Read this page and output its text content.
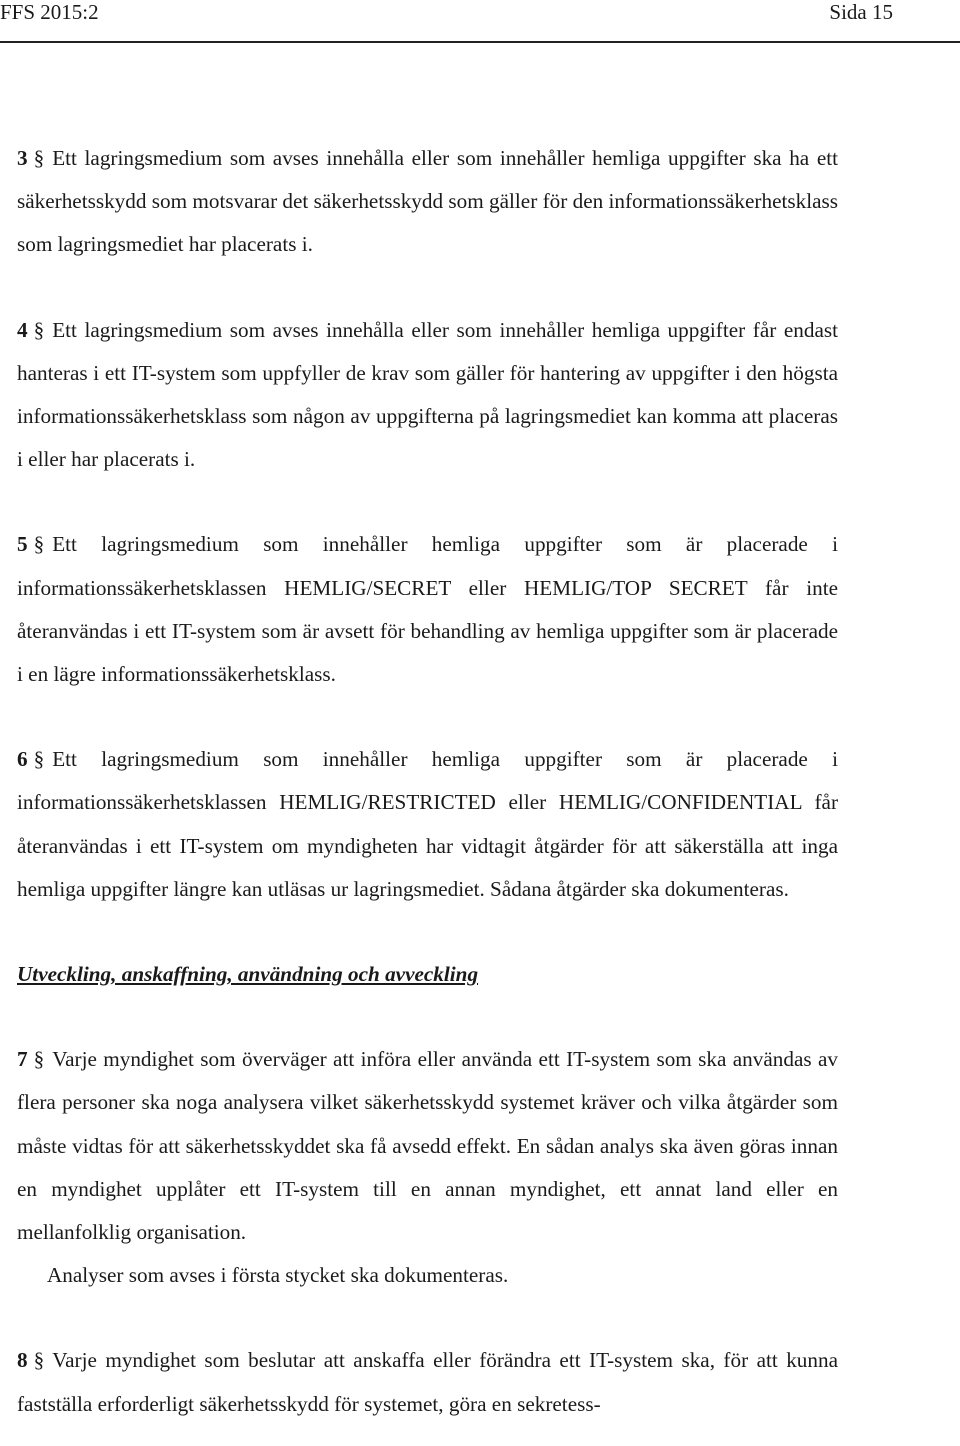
FFS 2015:2	Sida 15

3 § Ett lagringsmedium som avses innehålla eller som innehåller hemliga uppgifter ska ha ett säkerhetsskydd som motsvarar det säkerhetsskydd som gäller för den informationssäkerhetsklass som lagringsmediet har placerats i.

4 § Ett lagringsmedium som avses innehålla eller som innehåller hemliga uppgifter får endast hanteras i ett IT-system som uppfyller de krav som gäller för hantering av uppgifter i den högsta informationssäkerhetsklass som någon av uppgifterna på lagringsmediet kan komma att placeras i eller har placerats i.

5 § Ett lagringsmedium som innehåller hemliga uppgifter som är placerade i informationssäkerhetsklassen HEMLIG/SECRET eller HEMLIG/TOP SECRET får inte återanvändas i ett IT-system som är avsett för behandling av hemliga uppgifter som är placerade i en lägre informationssäkerhetsklass.

6 § Ett lagringsmedium som innehåller hemliga uppgifter som är placerade i informationssäkerhetsklassen HEMLIG/RESTRICTED eller HEMLIG/CONFIDENTIAL får återanvändas i ett IT-system om myndigheten har vidtagit åtgärder för att säkerställa att inga hemliga uppgifter längre kan utläsas ur lagringsmediet. Sådana åtgärder ska dokumenteras.

Utveckling, anskaffning, användning och avveckling

7 § Varje myndighet som överväger att införa eller använda ett IT-system som ska användas av flera personer ska noga analysera vilket säkerhetsskydd systemet kräver och vilka åtgärder som måste vidtas för att säkerhetsskyddet ska få avsedd effekt. En sådan analys ska även göras innan en myndighet upplåter ett IT-system till en annan myndighet, ett annat land eller en mellanfolklig organisation.
Analyser som avses i första stycket ska dokumenteras.

8 § Varje myndighet som beslutar att anskaffa eller förändra ett IT-system ska, för att kunna fastställa erforderligt säkerhetsskydd för systemet, göra en sekretess-
